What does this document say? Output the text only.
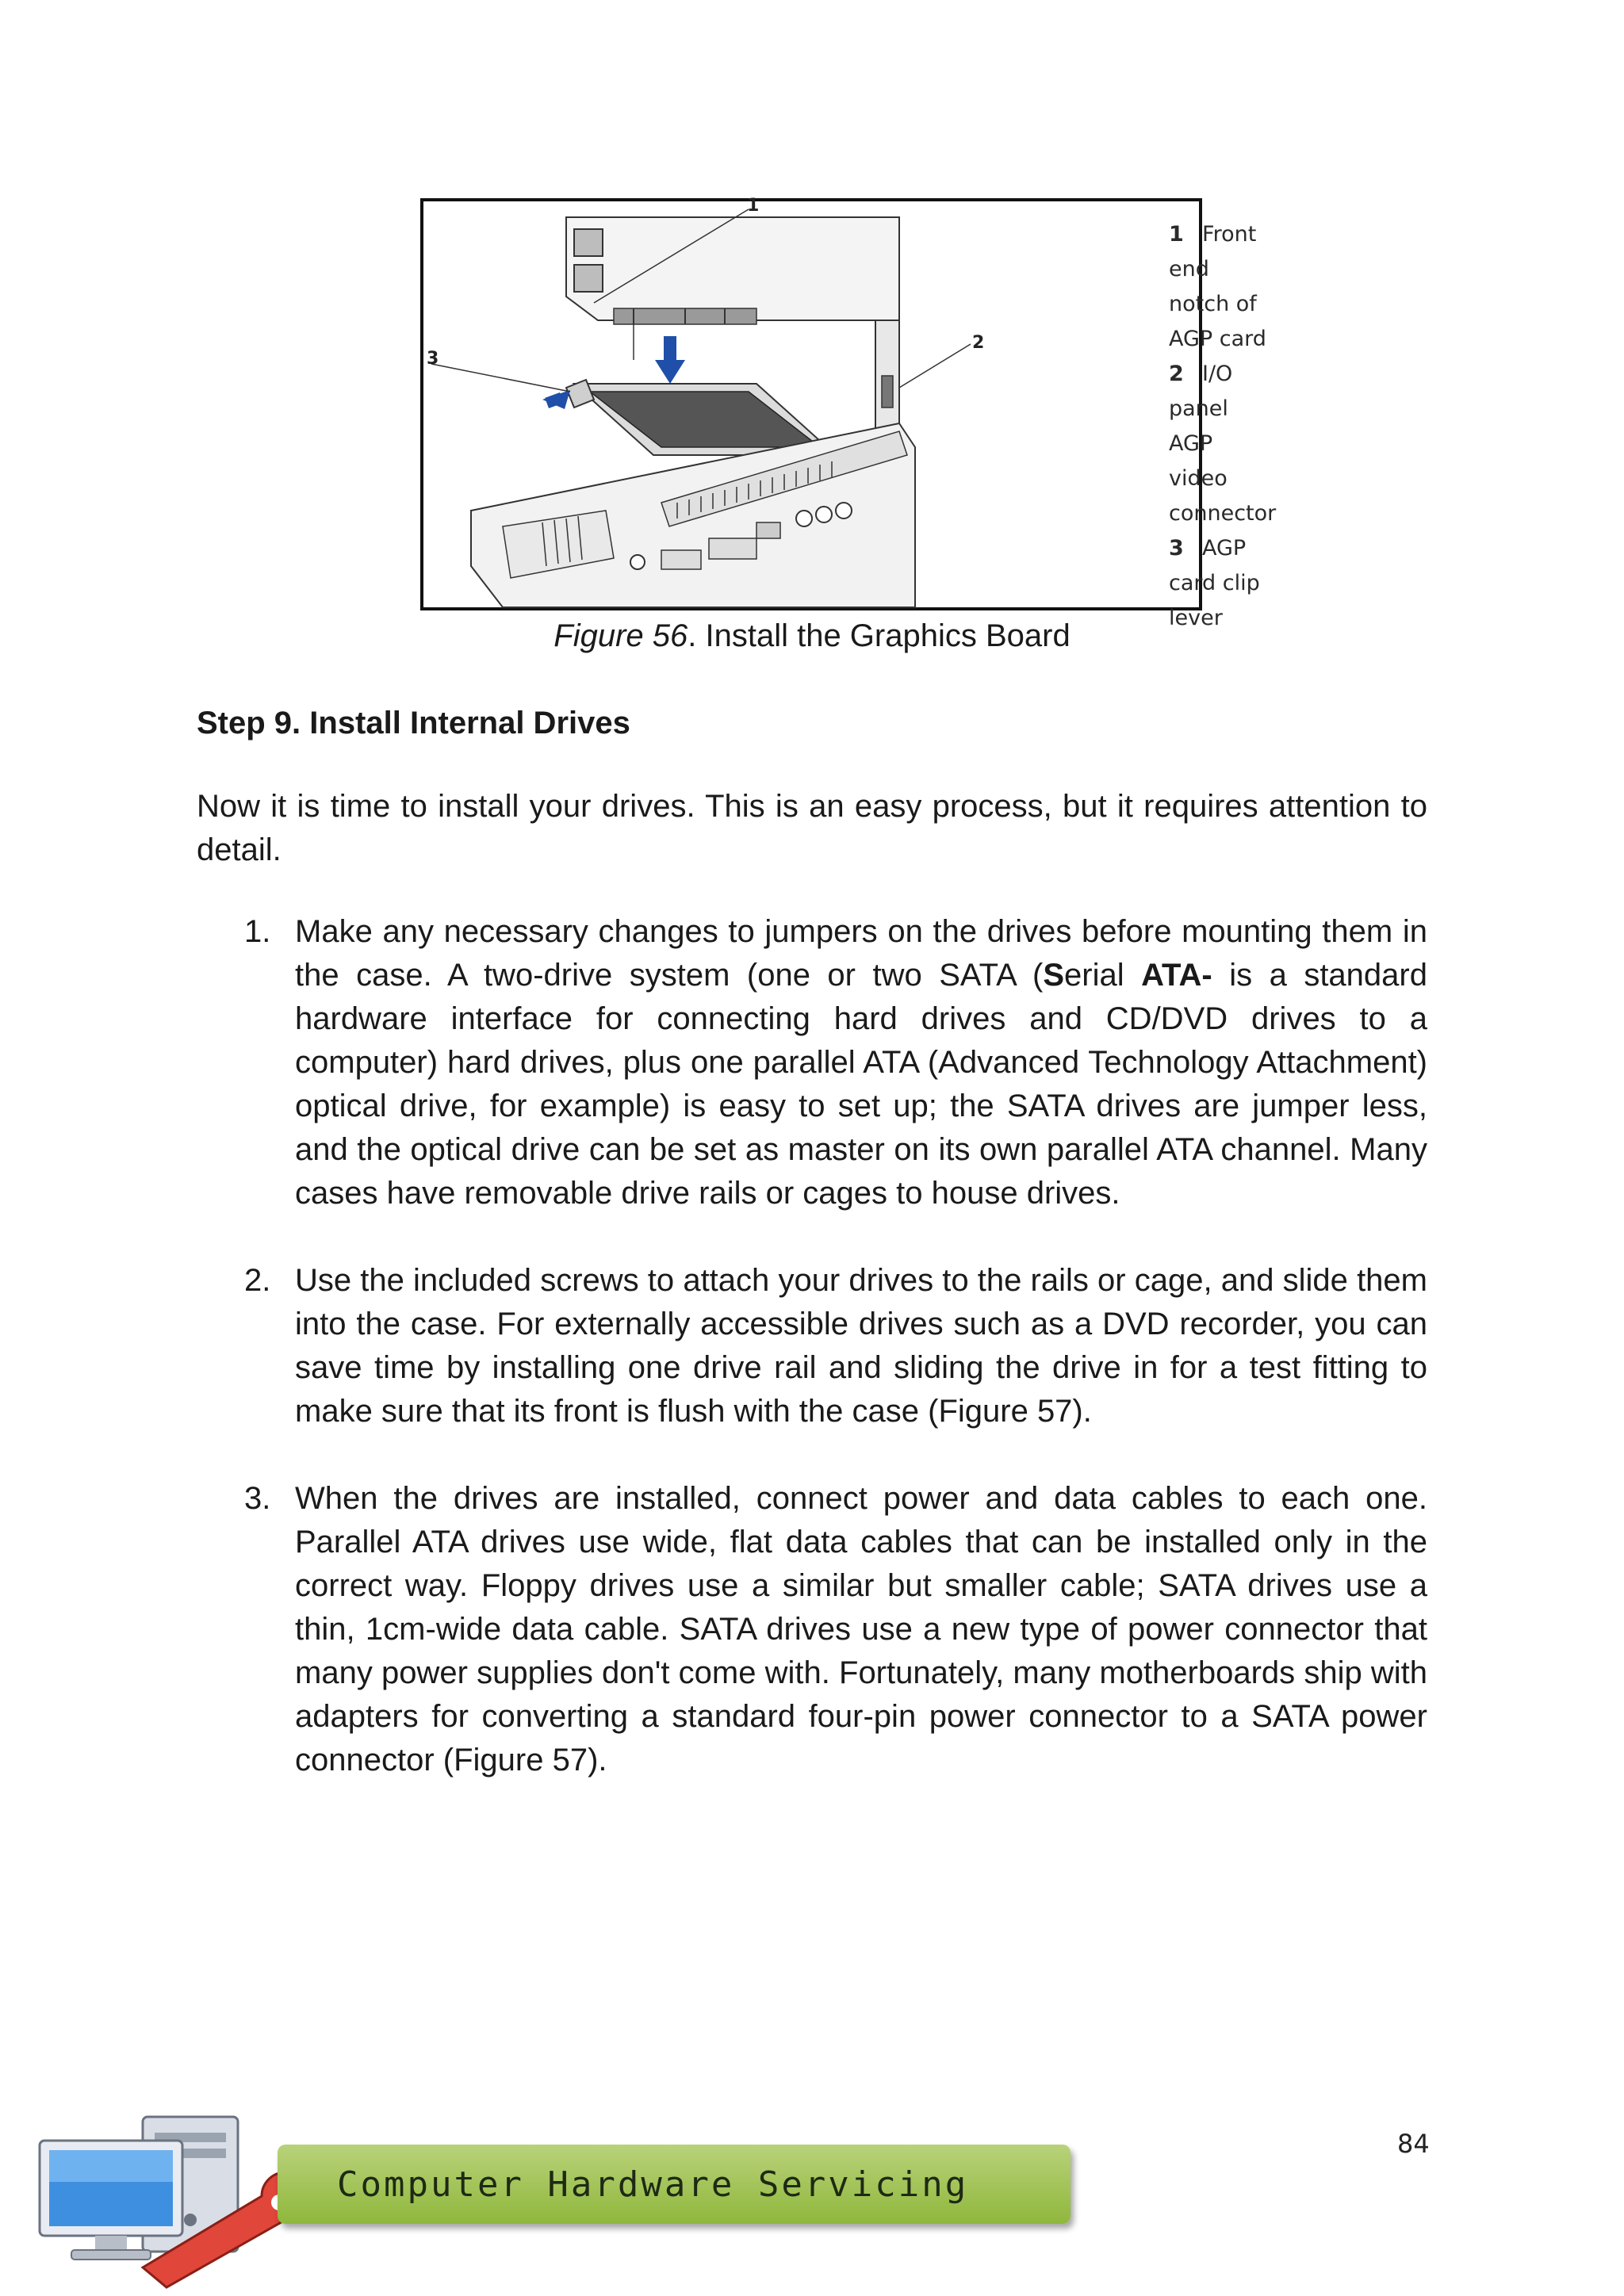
1
2
3
1 Front end notch of AGP card
2 I/O panel AGP video connector
3 AGP card clip lever
Figure 56. Install the Graphics Board
Step 9. Install Internal Drives
Now it is time to install your drives. This is an easy process, but it requires attention to detail.
1. Make any necessary changes to jumpers on the drives before mounting them in the case. A two-drive system (one or two SATA (Serial ATA- is a standard hardware interface for connecting hard drives and CD/DVD drives to a computer) hard drives, plus one parallel ATA (Advanced Technology Attachment) optical drive, for example) is easy to set up; the SATA drives are jumper less, and the optical drive can be set as master on its own parallel ATA channel. Many cases have removable drive rails or cages to house drives.
2. Use the included screws to attach your drives to the rails or cage, and slide them into the case. For externally accessible drives such as a DVD recorder, you can save time by installing one drive rail and sliding the drive in for a test fitting to make sure that its front is flush with the case (Figure 57).
3. When the drives are installed, connect power and data cables to each one. Parallel ATA drives use wide, flat data cables that can be installed only in the correct way. Floppy drives use a similar but smaller cable; SATA drives use a thin, 1cm-wide data cable. SATA drives use a new type of power connector that many power supplies don't come with. Fortunately, many motherboards ship with adapters for converting a standard four-pin power connector to a SATA power connector (Figure 57).
84
Computer Hardware Servicing
